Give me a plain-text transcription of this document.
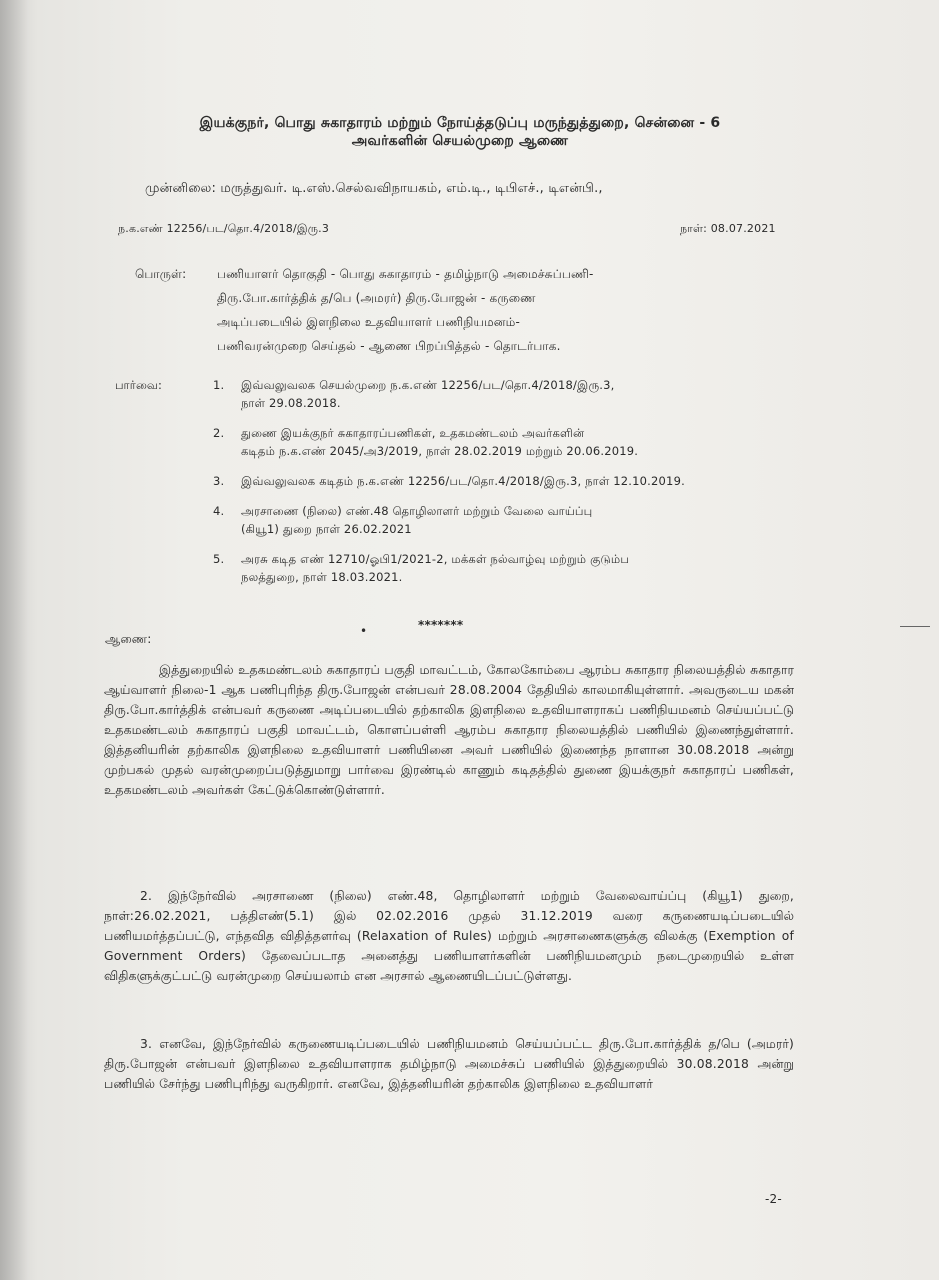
இயக்குநர், பொது சுகாதாரம் மற்றும் நோய்த்தடுப்பு மருந்துத்துறை, சென்னை - 6
அவர்களின் செயல்முறை ஆணை
முன்னிலை: மருத்துவர். டி.எஸ்.செல்வவிநாயகம், எம்.டி., டிபிஎச்., டிஎன்பி.,
ந.க.எண் 12256/பட/தொ.4/2018/இரு.3	நாள்: 08.07.2021
பொருள்:	பணியாளர் தொகுதி - பொது சுகாதாரம் - தமிழ்நாடு அமைச்சுப்பணி-
திரு.போ.கார்த்திக் த/பெ (அமரர்) திரு.போஜன் - கருணை
அடிப்படையில் இளநிலை உதவியாளர் பணிநியமனம்-
பணிவரன்முறை செய்தல் - ஆணை பிறப்பித்தல் - தொடர்பாக.
பார்வை:	1.	இவ்வலுவலக செயல்முறை ந.க.எண் 12256/பட/தொ.4/2018/இரு.3,
நாள் 29.08.2018.
2.	துணை இயக்குநர் சுகாதாரப்பணிகள், உதகமண்டலம் அவர்களின்
கடிதம் ந.க.எண் 2045/அ3/2019, நாள் 28.02.2019 மற்றும் 20.06.2019.
3.	இவ்வலுவலக கடிதம் ந.க.எண் 12256/பட/தொ.4/2018/இரு.3, நாள் 12.10.2019.
4.	அரசாணை (நிலை) எண்.48 தொழிலாளர் மற்றும் வேலை வாய்ப்பு
(கியூ1) துறை நாள் 26.02.2021
5.	அரசு கடித எண் 12710/ஓபி1/2021-2, மக்கள் நல்வாழ்வு மற்றும் குடும்ப
நலத்துறை, நாள் 18.03.2021.
*******
•
ஆணை:
இத்துறையில் உதகமண்டலம் சுகாதாரப் பகுதி மாவட்டம், கோலகோம்பை ஆரம்ப சுகாதார நிலையத்தில் சுகாதார ஆய்வாளர் நிலை-1 ஆக பணிபுரிந்த திரு.போஜன் என்பவர் 28.08.2004 தேதியில் காலமாகியுள்ளார். அவருடைய மகன் திரு.போ.கார்த்திக் என்பவர் கருணை அடிப்படையில் தற்காலிக இளநிலை உதவியாளராகப் பணிநியமனம் செய்யப்பட்டு உதகமண்டலம் சுகாதாரப் பகுதி மாவட்டம், கொளப்பள்ளி ஆரம்ப சுகாதார நிலையத்தில் பணியில் இணைந்துள்ளார். இத்தனியரின் தற்காலிக இளநிலை உதவியாளர் பணியினை அவர் பணியில் இணைந்த நாளான 30.08.2018 அன்று முற்பகல் முதல் வரன்முறைப்படுத்துமாறு பார்வை இரண்டில் காணும் கடிதத்தில் துணை இயக்குநர் சுகாதாரப் பணிகள், உதகமண்டலம் அவர்கள் கேட்டுக்கொண்டுள்ளார்.
2. இந்நேர்வில் அரசாணை (நிலை) எண்.48, தொழிலாளர் மற்றும் வேலைவாய்ப்பு (கியூ1) துறை, நாள்:26.02.2021, பத்திஎண்(5.1) இல் 02.02.2016 முதல் 31.12.2019 வரை கருணையடிப்படையில் பணியமர்த்தப்பட்டு, எந்தவித விதித்தளர்வு (Relaxation of Rules) மற்றும் அரசாணைகளுக்கு விலக்கு (Exemption of Government Orders) தேவைப்படாத அனைத்து பணியாளர்களின் பணிநியமனமும் நடைமுறையில் உள்ள விதிகளுக்குட்பட்டு வரன்முறை செய்யலாம் என அரசால் ஆணையிடப்பட்டுள்ளது.
3. எனவே, இந்நேர்வில் கருணையடிப்படையில் பணிநியமனம் செய்யப்பட்ட திரு.போ.கார்த்திக் த/பெ (அமரர்) திரு.போஜன் என்பவர் இளநிலை உதவியாளராக தமிழ்நாடு அமைச்சுப் பணியில் இத்துறையில் 30.08.2018 அன்று பணியில் சேர்ந்து பணிபுரிந்து வருகிறார். எனவே, இத்தனியரின் தற்காலிக இளநிலை உதவியாளர்
-2-
